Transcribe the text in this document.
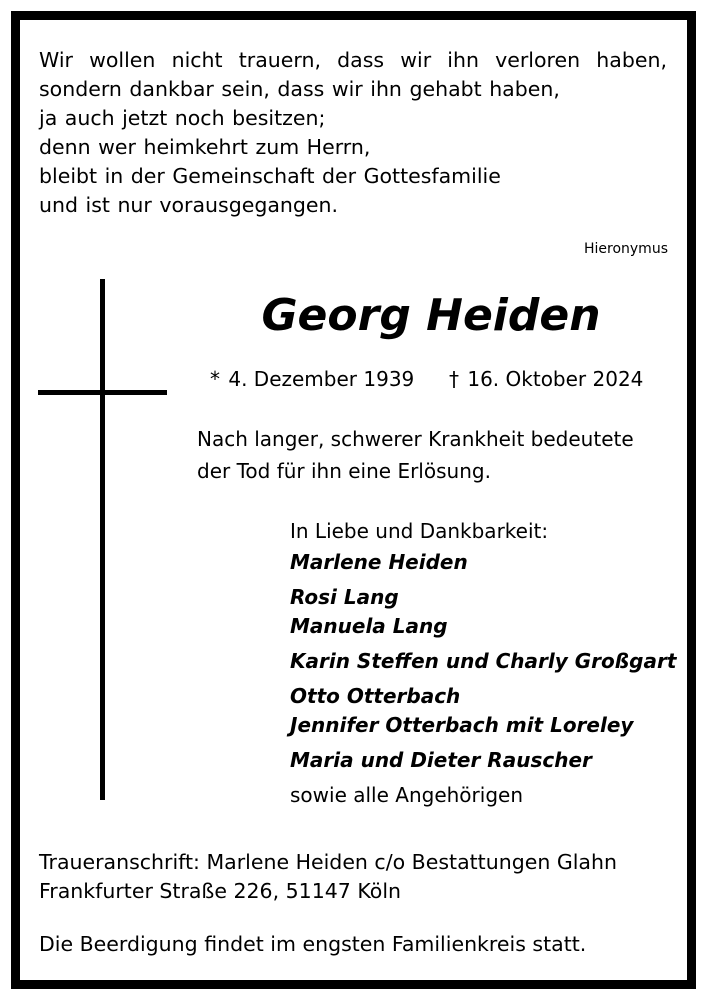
Wir wollen nicht trauern, dass wir ihn verloren haben,
sondern dankbar sein, dass wir ihn gehabt haben,
ja auch jetzt noch besitzen;
denn wer heimkehrt zum Herrn,
bleibt in der Gemeinschaft der Gottesfamilie
und ist nur vorausgegangen.
Hieronymus
Georg Heiden
* 4. Dezember 1939 † 16. Oktober 2024
Nach langer, schwerer Krankheit bedeutete
der Tod für ihn eine Erlösung.
In Liebe und Dankbarkeit:
Marlene Heiden
Rosi Lang
Manuela Lang
Karin Steffen und Charly Großgart
Otto Otterbach
Jennifer Otterbach mit Loreley
Maria und Dieter Rauscher
sowie alle Angehörigen
Traueranschrift: Marlene Heiden c/o Bestattungen Glahn
Frankfurter Straße 226, 51147 Köln
Die Beerdigung findet im engsten Familienkreis statt.
